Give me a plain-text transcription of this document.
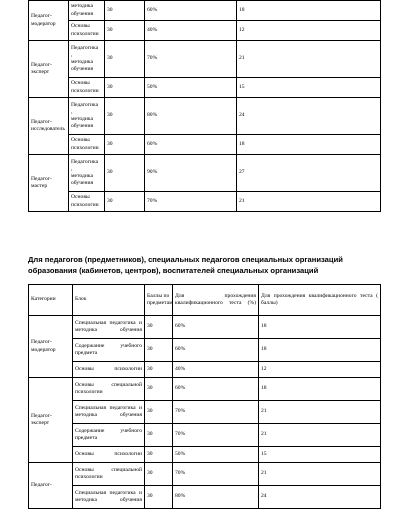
Педагог-
модератор	методика
обучения	30	60%	18
	Основы
психологии	30	40%	12
Педагог-
эксперт	Педагогика
,
методика
обучения	30	70%	21
	Основы
психологии	30	50%	15
Педагог-
исследователь	Педагогика
,
методика
обучения	30	80%	24
	Основы
психологии	30	60%	18
Педагог-
мастер	Педагогика
,
методика
обучения	30	90%	27
	Основы
психологии	30	70%	21
Для педагогов (предметников), специальных педагогов специальных организаций образования (кабинетов, центров), воспитателей специальных организаций
Категории	Блок	Баллы по предметам	Для прохождения квалификационного теста (%)	Для прохождения квалификационного теста ( баллы)
Педагог-
модератор	Специальная педагогика и методика обучения	30	60%	18
	Содержание учебного предмета	30	60%	18
	Основы психологии	30	40%	12
Педагог-
эксперт	Основы специальной психологии	30	60%	18
	Специальная педагогика и методика обучения	30	70%	21
	Содержание учебного предмета	30	70%	21
	Основы психологии	30	50%	15
Педагог-	Основы специальной психологии	30	70%	21
	Специальная педагогика и методика обучения	30	80%	24
